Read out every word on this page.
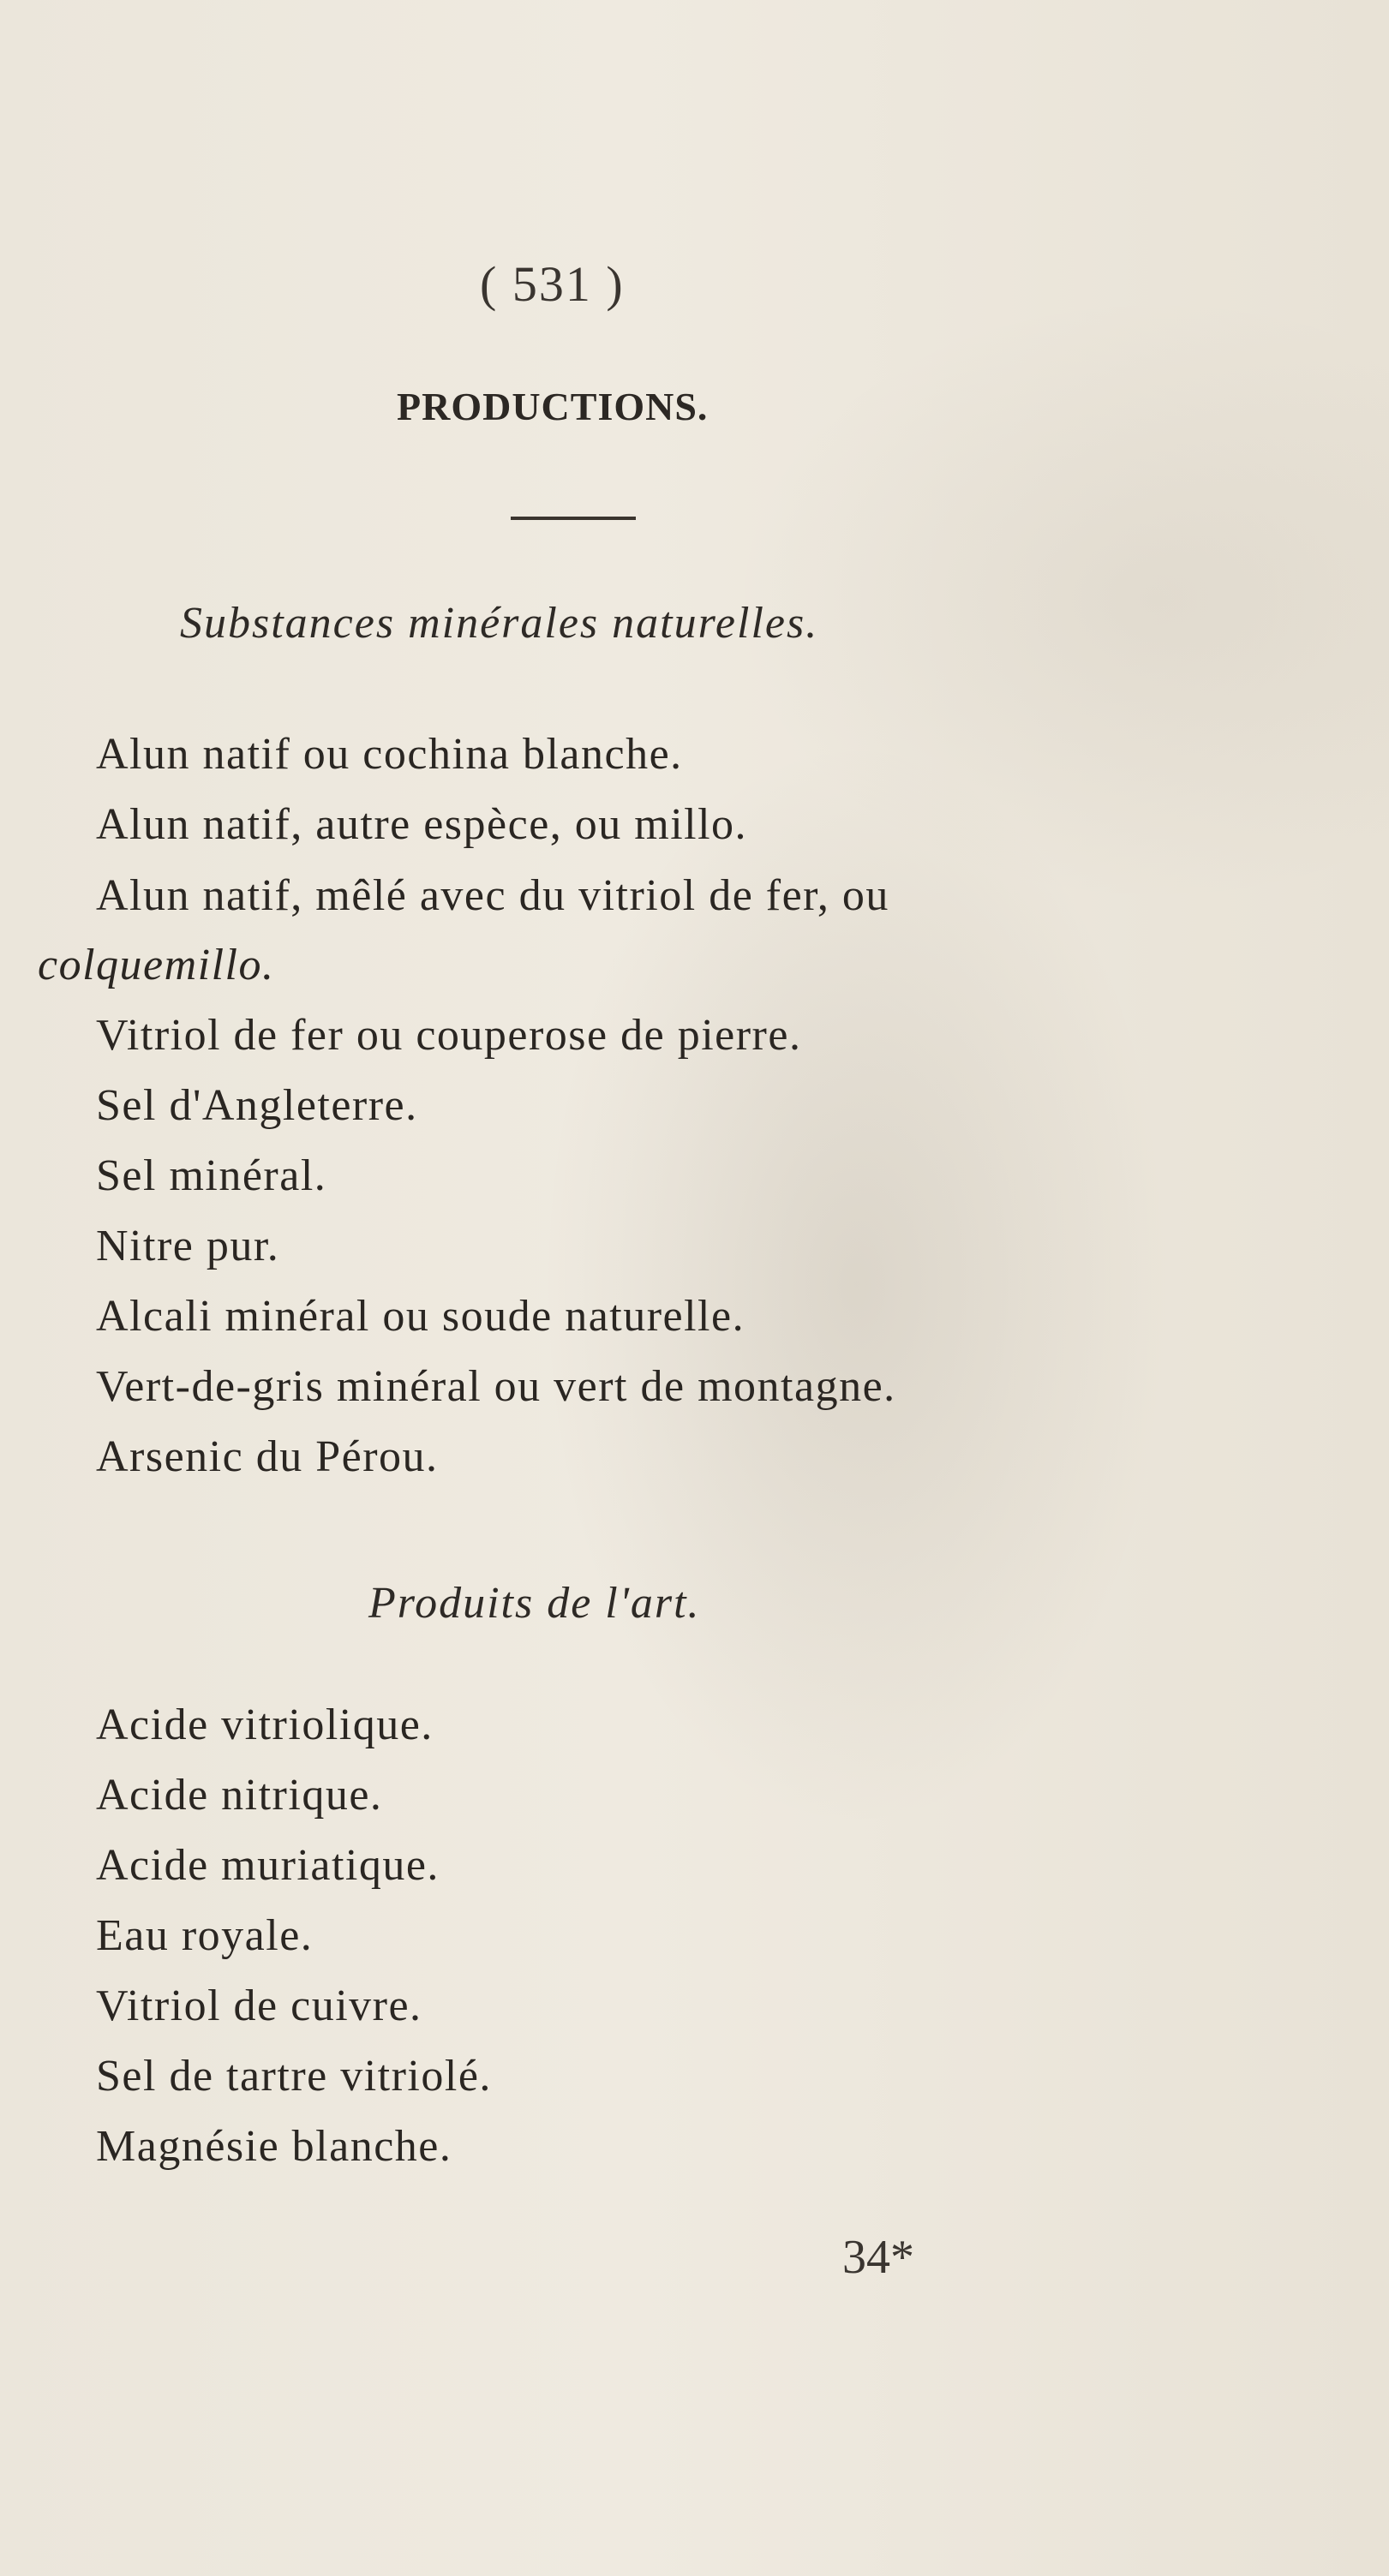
( 531 )
PRODUCTIONS.
Substances minérales naturelles.
Alun natif ou cochina blanche.
Alun natif, autre espèce, ou millo.
Alun natif, mêlé avec du vitriol de fer, ou
colquemillo.
Vitriol de fer ou couperose de pierre.
Sel d'Angleterre.
Sel minéral.
Nitre pur.
Alcali minéral ou soude naturelle.
Vert-de-gris minéral ou vert de montagne.
Arsenic du Pérou.
Produits de l'art.
Acide vitriolique.
Acide nitrique.
Acide muriatique.
Eau royale.
Vitriol de cuivre.
Sel de tartre vitriolé.
Magnésie blanche.
34*
